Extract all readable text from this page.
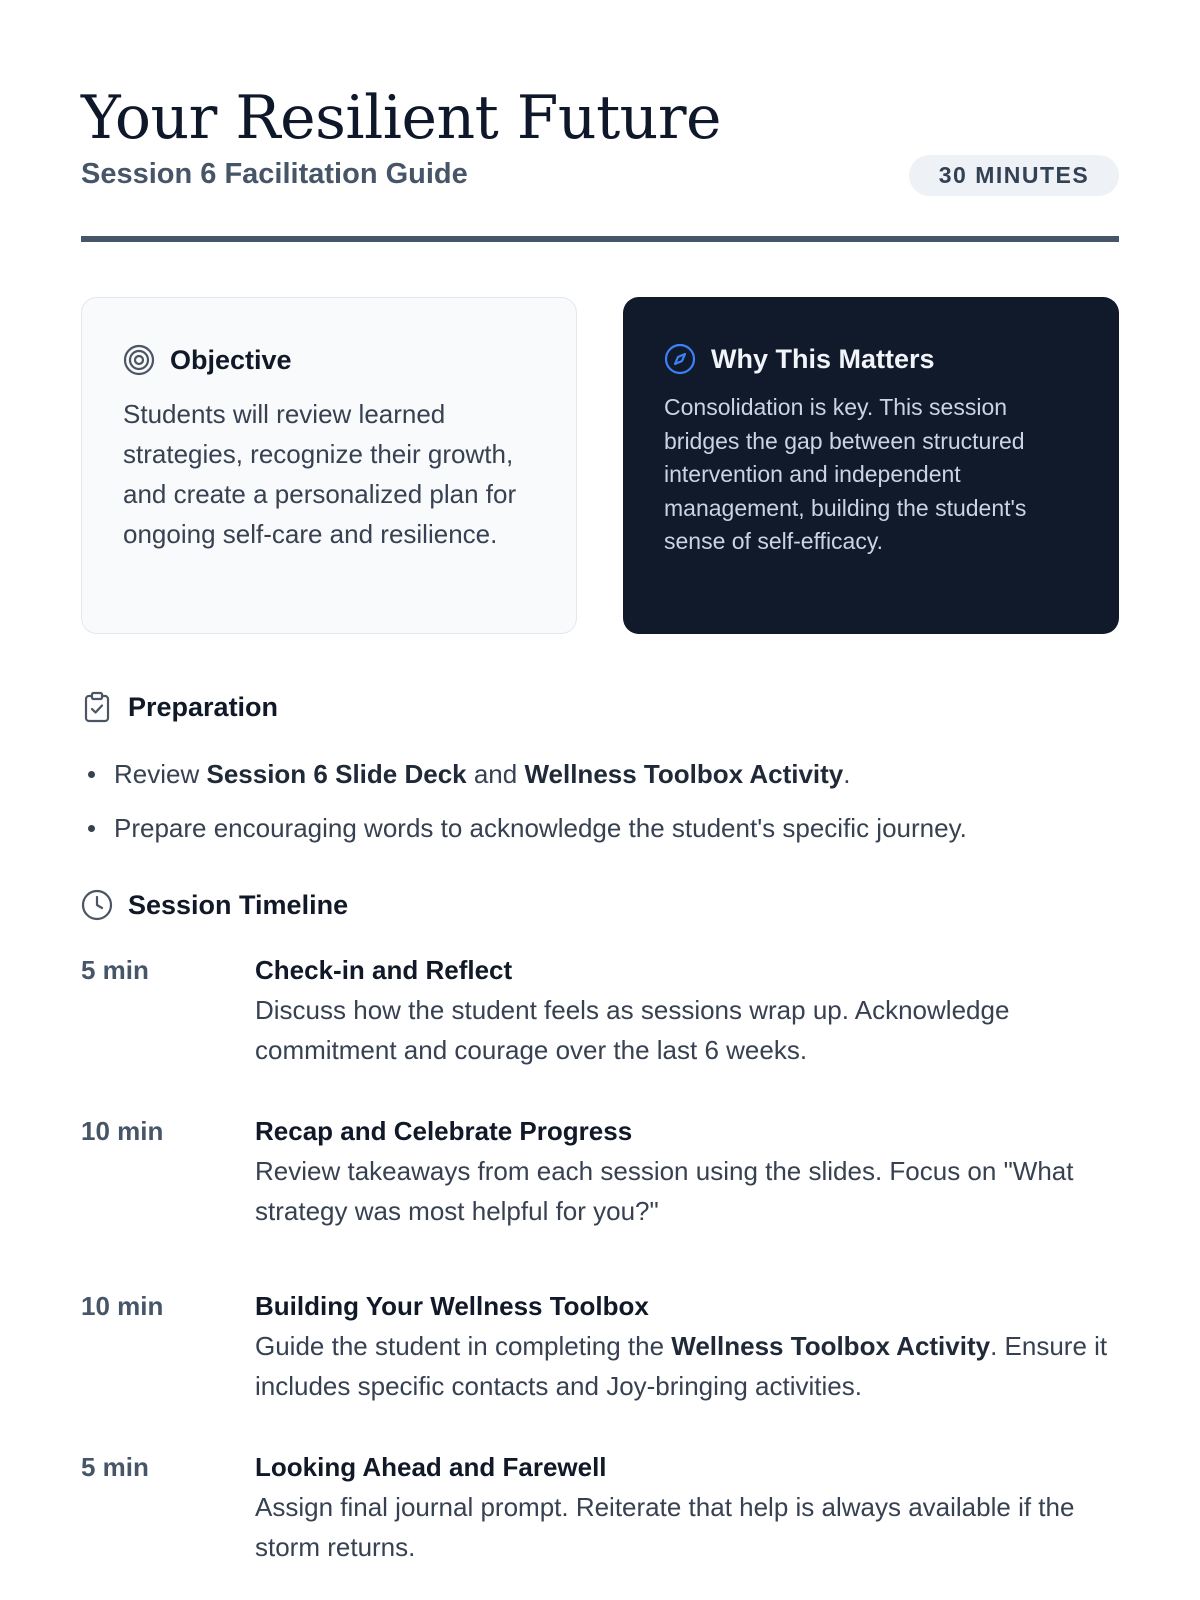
Your Resilient Future
Session 6 Facilitation Guide	30 MINUTES
Objective

Students will review learned strategies, recognize their growth, and create a personalized plan for ongoing self-care and resilience.

Why This Matters

Consolidation is key. This session bridges the gap between structured intervention and independent management, building the student's sense of self-efficacy.

Preparation
Review Session 6 Slide Deck and Wellness Toolbox Activity.
Prepare encouraging words to acknowledge the student's specific journey.
Session Timeline
5 min	Check-in and Reflect
Discuss how the student feels as sessions wrap up. Acknowledge commitment and courage over the last 6 weeks.
10 min	Recap and Celebrate Progress
Review takeaways from each session using the slides. Focus on "What strategy was most helpful for you?"
10 min	Building Your Wellness Toolbox
Guide the student in completing the Wellness Toolbox Activity. Ensure it includes specific contacts and Joy-bringing activities.
5 min	Looking Ahead and Farewell
Assign final journal prompt. Reiterate that help is always available if the storm returns.
